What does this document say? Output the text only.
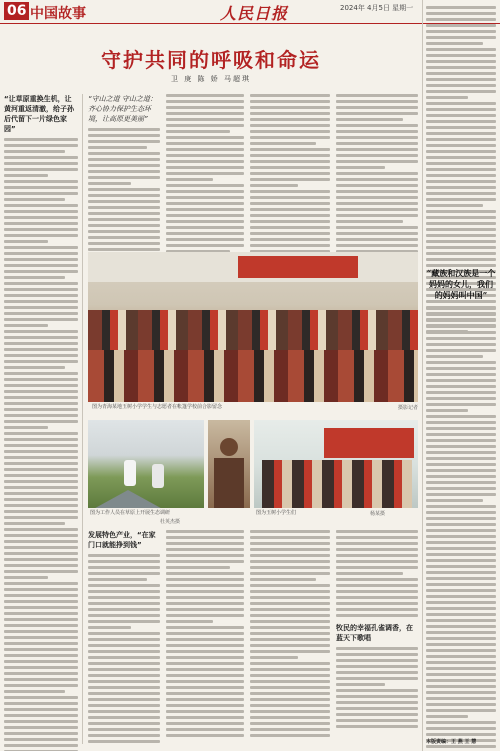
06 中国故事	人民日报	2024年 4月5日 星期一
守护共同的呼吸和命运
卫 庚 陈 娇 马超琪
“让草原重换生机，让黄河重返清澈，给子孙后代留下一片绿色家园”
“守山之道 守山之道：齐心协力保护生态环境，让高原更美丽”
图为青海某地玉树小学学生与志愿者在帐篷学校前合影留念	摄影记者
图为工作人员在草原上开展生态调研
杜英杰摄
图为玉树小学生们	杨某摄
发展特色产业，“在家门口就能挣到钱”
牧民的幸福孔雀调香，在蓝天下歌唱
“藏族和汉族是一个妈妈的女儿，我们的妈妈叫中国”
本版责编：王 燕 王 慧
